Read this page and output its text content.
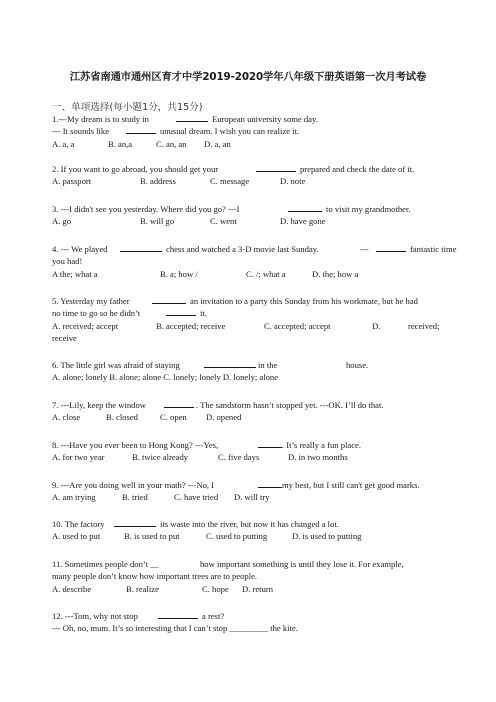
江苏省南通市通州区育才中学2019-2020学年八年级下册英语第一次月考试卷
一、单项选择(每小题1分，共15分)
1.---My dream is to study in	European university some day.
--- It sounds like	unusual dream. I wish you can realize it.
A. a, a	B. an,a	C. an, an D. a, an
2. If you want to go abroad, you should get your	prepared and check the date of it.
A. passport	B. address	C. message	D. note
3. ---I didn't see you yesterday. Where did you go? ---I	to visit my grandmother.
A. go	B. will go	C. went	D. have gone
4. --- We played	chess and watched a 3-D movie last Sunday.	---	fantastic time
you had!
A the; what a	B. a; how /	C. /; what a	D. the; how a
5. Yesterday my father	an invitation to a party this Sunday from his workmate, but he had
no time to go so he didn’t	it.
A. received; accept	B. accepted; receive	C. accepted; accept	D.	received;
receive
6. The little girl was afraid of staying	in the	house.
A. alone; lonely B. alone; alone C. lonely; lonely D. lonely; alone
7. ---Lily, keep the window	. The sandstorm hasn’t stopped yet. ---OK. I’ll do that.
A. close	B. closed	C. open D. opened
8. ---Have you ever been to Hong Kong? ---Yes,	. It’s really a fun place.
A. for two year	B. twice already	C. five days	D. in two months
9. ---Are you doing well in your math? ---No, I	my best, but I still can't get good marks.
A. am trying	B. tried	C. have tried D. will try
10. The factory	its waste into the river, but now it has changed a lot.
A. used to put	B. is used to put	C. used to putting	D. is used to putting
11. Sometimes people don’t __	how important something is until they lose it. For example,
many people don’t know how important trees are to people.
A. describe	B. realize	C. hope D. return
12. ---Tom, why not stop	a rest?
--- Oh, no, mum. It’s so interesting that I can’t stop _________ the kite.
